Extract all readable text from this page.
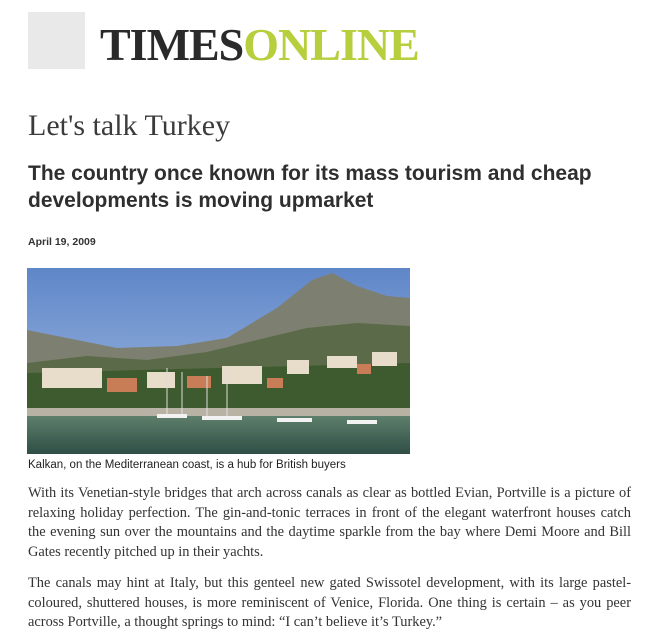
TIMESONLINE
Let's talk Turkey
The country once known for its mass tourism and cheap developments is moving upmarket
April 19, 2009
Kalkan, on the Mediterranean coast, is a hub for British buyers

With its Venetian-style bridges that arch across canals as clear as bottled Evian, Portville is a picture of relaxing holiday perfection. The gin-and-tonic terraces in front of the elegant waterfront houses catch the evening sun over the mountains and the daytime sparkle from the bay where Demi Moore and Bill Gates recently pitched up in their yachts.

The canals may hint at Italy, but this genteel new gated Swissotel development, with its large pastel-coloured, shuttered houses, is more reminiscent of Venice, Florida. One thing is certain – as you peer across Portville, a thought springs to mind: “I can’t believe it’s Turkey.”
